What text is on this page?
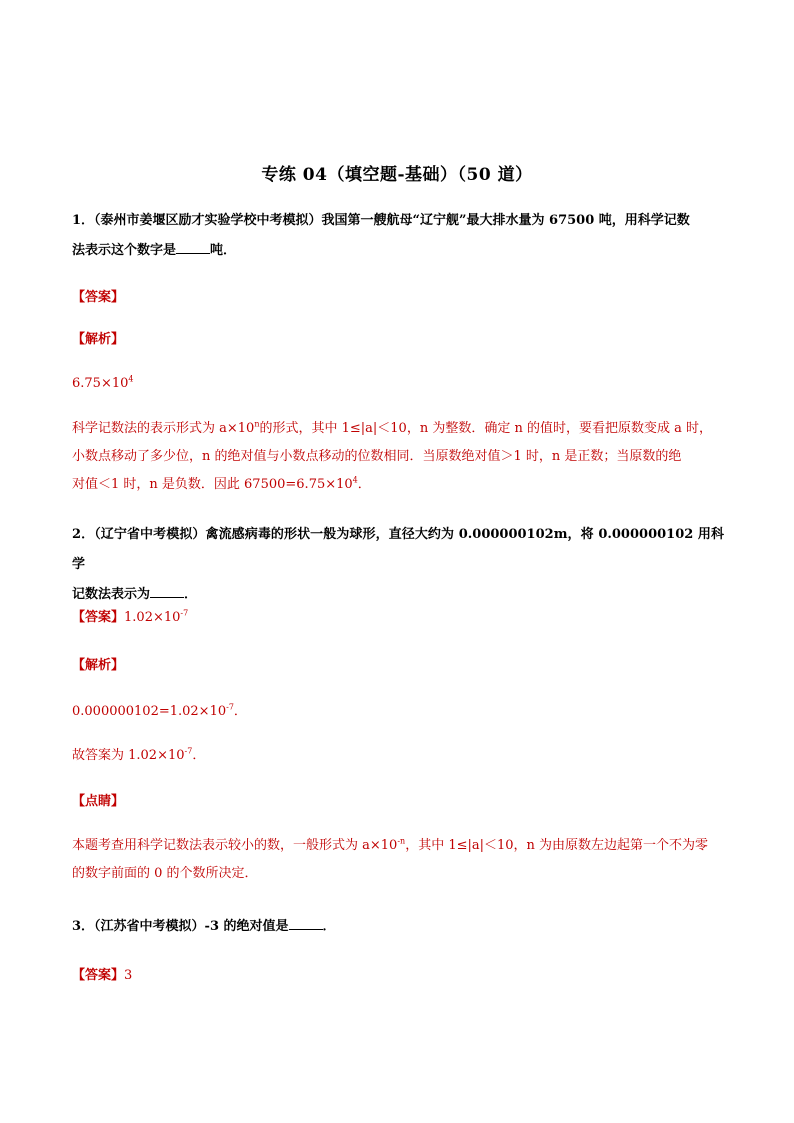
专练 04（填空题-基础）（50 道）
1．（泰州市姜堰区励才实验学校中考模拟）我国第一艘航母“辽宁舰”最大排水量为 67500 吨，用科学记数
法表示这个数字是	吨．
【答案】
【解析】
$6.75\times 10^4$
科学记数法的表示形式为 $a\times 10^n$的形式，其中 1≤|a|＜10，n 为整数．确定 n 的值时，要看把原数变成 a 时，
小数点移动了多少位，n 的绝对值与小数点移动的位数相同．当原数绝对值＞1 时，n 是正数；当原数的绝
对值＜1 时，n 是负数．因此 $67500=6.75\times 10^4$．
2．（辽宁省中考模拟）禽流感病毒的形状一般为球形，直径大约为 0.000000102m，将 0.000000102 用科学
记数法表示为	．
【答案】$1.02\times 10^{-7}$
【解析】
$0.000000102=1.02\times 10^{-7}$．
故答案为 $1.02\times 10^{-7}$．
【点睛】
本题考查用科学记数法表示较小的数，一般形式为 $a\times 10^{-n}$，其中 1≤|a|＜10，n 为由原数左边起第一个不为零
的数字前面的 0 的个数所决定．
3．（江苏省中考模拟）-3 的绝对值是	．
【答案】3
